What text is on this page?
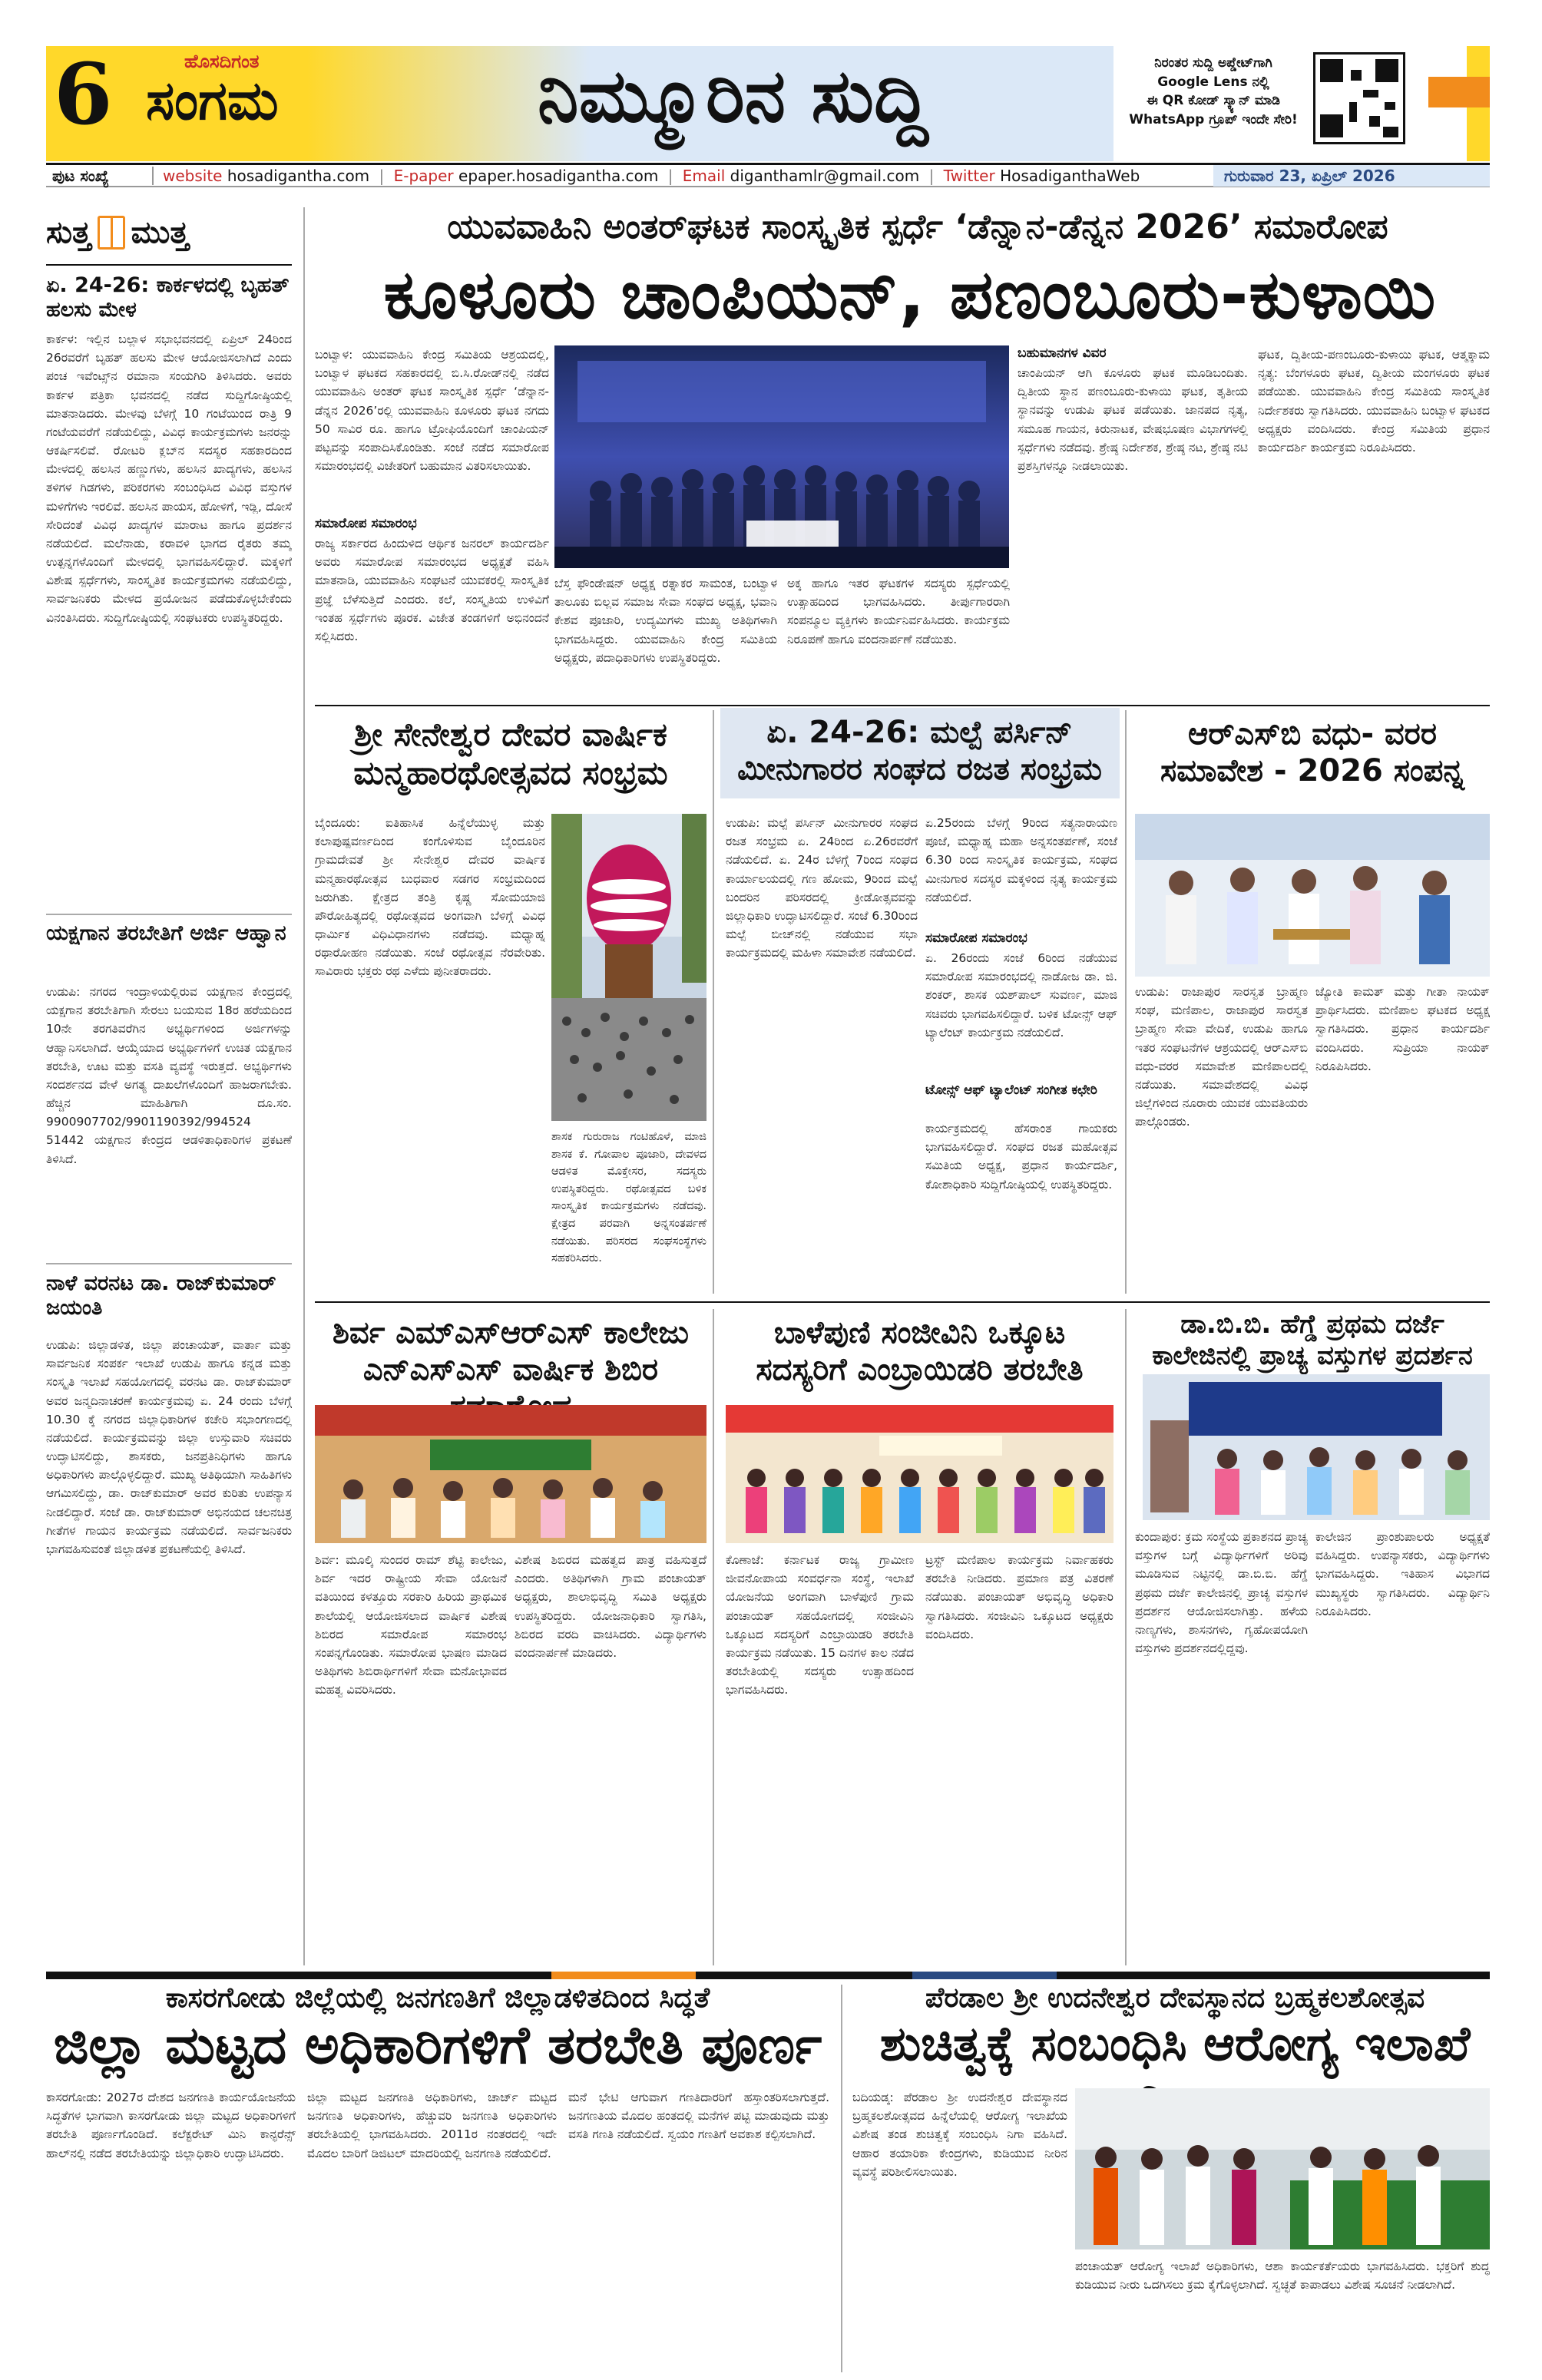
6	ಹೊಸದಿಗಂತ
ಸಂಗಮ	ನಿಮ್ಮೂರಿನ ಸುದ್ದಿ	ನಿರಂತರ ಸುದ್ದಿ ಅಪ್ಡೇಟ್‌ಗಾಗಿ
Google Lens ನಲ್ಲಿ
ಈ QR ಕೋಡ್ ಸ್ಕ್ಯಾನ್ ಮಾಡಿ
WhatsApp ಗ್ರೂಪ್ ಇಂದೇ ಸೇರಿ!
ಪುಟ ಸಂಖ್ಯೆ	website hosadigantha.com | E-paper epaper.hosadigantha.com | Email diganthamlr@gmail.com | Twitter HosadiganthaWeb	ಗುರುವಾರ 23, ಏಪ್ರಿಲ್ 2026
ಸುತ್ತ ಮುತ್ತ
ಏ. 24-26: ಕಾರ್ಕಳದಲ್ಲಿ ಬೃಹತ್ ಹಲಸು ಮೇಳ
ಕಾರ್ಕಳ: ಇಲ್ಲಿನ ಬಲ್ಲಾಳ ಸಭಾಭವನದಲ್ಲಿ ಏಪ್ರಿಲ್ 24ರಿಂದ 26ರವರೆಗೆ ಬೃಹತ್ ಹಲಸು ಮೇಳ ಆಯೋಜಿಸಲಾಗಿದೆ ಎಂದು ಪಂಚ ಇವೆಂಟ್ಸ್‌ನ ರಮಾನಾ ಸಂಯಗಿರಿ ತಿಳಿಸಿದರು. ಅವರು ಕಾರ್ಕಳ ಪತ್ರಿಕಾ ಭವನದಲ್ಲಿ ನಡೆದ ಸುದ್ದಿಗೋಷ್ಠಿಯಲ್ಲಿ ಮಾತನಾಡಿದರು. ಮೇಳವು ಬೆಳಗ್ಗೆ 10 ಗಂಟೆಯಿಂದ ರಾತ್ರಿ 9 ಗಂಟೆಯವರೆಗೆ ನಡೆಯಲಿದ್ದು, ವಿವಿಧ ಕಾರ್ಯಕ್ರಮಗಳು ಜನರನ್ನು ಆಕರ್ಷಿಸಲಿವೆ. ರೋಟರಿ ಕ್ಲಬ್‌ನ ಸದಸ್ಯರ ಸಹಕಾರದಿಂದ ಮೇಳದಲ್ಲಿ ಹಲಸಿನ ಹಣ್ಣುಗಳು, ಹಲಸಿನ ಖಾದ್ಯಗಳು, ಹಲಸಿನ ತಳಿಗಳ ಗಿಡಗಳು, ಪರಿಕರಗಳು ಸಂಬಂಧಿಸಿದ ವಿವಿಧ ವಸ್ತುಗಳ ಮಳಿಗೆಗಳು ಇರಲಿವೆ. ಹಲಸಿನ ಪಾಯಸ, ಹೋಳಿಗೆ, ಇಡ್ಲಿ, ದೋಸೆ ಸೇರಿದಂತೆ ವಿವಿಧ ಖಾದ್ಯಗಳ ಮಾರಾಟ ಹಾಗೂ ಪ್ರದರ್ಶನ ನಡೆಯಲಿದೆ. ಮಲೆನಾಡು, ಕರಾವಳಿ ಭಾಗದ ರೈತರು ತಮ್ಮ ಉತ್ಪನ್ನಗಳೊಂದಿಗೆ ಮೇಳದಲ್ಲಿ ಭಾಗವಹಿಸಲಿದ್ದಾರೆ. ಮಕ್ಕಳಿಗೆ ವಿಶೇಷ ಸ್ಪರ್ಧೆಗಳು, ಸಾಂಸ್ಕೃತಿಕ ಕಾರ್ಯಕ್ರಮಗಳು ನಡೆಯಲಿದ್ದು, ಸಾರ್ವಜನಿಕರು ಮೇಳದ ಪ್ರಯೋಜನ ಪಡೆದುಕೊಳ್ಳಬೇಕೆಂದು ವಿನಂತಿಸಿದರು. ಸುದ್ದಿಗೋಷ್ಠಿಯಲ್ಲಿ ಸಂಘಟಕರು ಉಪಸ್ಥಿತರಿದ್ದರು.
ಯಕ್ಷಗಾನ ತರಬೇತಿಗೆ ಅರ್ಜಿ ಆಹ್ವಾನ
ಉಡುಪಿ: ನಗರದ ಇಂದ್ರಾಳಿಯಲ್ಲಿರುವ ಯಕ್ಷಗಾನ ಕೇಂದ್ರದಲ್ಲಿ ಯಕ್ಷಗಾನ ತರಬೇತಿಗಾಗಿ ಸೇರಲು ಬಯಸುವ 18ರ ಹರೆಯದಿಂದ 10ನೇ ತರಗತಿವರೆಗಿನ ಅಭ್ಯರ್ಥಿಗಳಿಂದ ಅರ್ಜಿಗಳನ್ನು ಆಹ್ವಾನಿಸಲಾಗಿದೆ. ಆಯ್ಕೆಯಾದ ಅಭ್ಯರ್ಥಿಗಳಿಗೆ ಉಚಿತ ಯಕ್ಷಗಾನ ತರಬೇತಿ, ಊಟ ಮತ್ತು ವಸತಿ ವ್ಯವಸ್ಥೆ ಇರುತ್ತದೆ. ಅಭ್ಯರ್ಥಿಗಳು ಸಂದರ್ಶನದ ವೇಳೆ ಅಗತ್ಯ ದಾಖಲೆಗಳೊಂದಿಗೆ ಹಾಜರಾಗಬೇಕು. ಹೆಚ್ಚಿನ ಮಾಹಿತಿಗಾಗಿ ದೂ.ಸಂ. 9900907702/9901190392/994524 51442 ಯಕ್ಷಗಾನ ಕೇಂದ್ರದ ಆಡಳಿತಾಧಿಕಾರಿಗಳ ಪ್ರಕಟಣೆ ತಿಳಿಸಿದೆ.
ನಾಳೆ ವರನಟ ಡಾ. ರಾಜ್‌ಕುಮಾರ್ ಜಯಂತಿ
ಉಡುಪಿ: ಜಿಲ್ಲಾಡಳಿತ, ಜಿಲ್ಲಾ ಪಂಚಾಯತ್, ವಾರ್ತಾ ಮತ್ತು ಸಾರ್ವಜನಿಕ ಸಂಪರ್ಕ ಇಲಾಖೆ ಉಡುಪಿ ಹಾಗೂ ಕನ್ನಡ ಮತ್ತು ಸಂಸ್ಕೃತಿ ಇಲಾಖೆ ಸಹಯೋಗದಲ್ಲಿ ವರನಟ ಡಾ. ರಾಜ್‌ಕುಮಾರ್ ಅವರ ಜನ್ಮದಿನಾಚರಣೆ ಕಾರ್ಯಕ್ರಮವು ಏ. 24 ರಂದು ಬೆಳಗ್ಗೆ 10.30 ಕ್ಕೆ ನಗರದ ಜಿಲ್ಲಾಧಿಕಾರಿಗಳ ಕಚೇರಿ ಸಭಾಂಗಣದಲ್ಲಿ ನಡೆಯಲಿದೆ. ಕಾರ್ಯಕ್ರಮವನ್ನು ಜಿಲ್ಲಾ ಉಸ್ತುವಾರಿ ಸಚಿವರು ಉದ್ಘಾಟಿಸಲಿದ್ದು, ಶಾಸಕರು, ಜನಪ್ರತಿನಿಧಿಗಳು ಹಾಗೂ ಅಧಿಕಾರಿಗಳು ಪಾಲ್ಗೊಳ್ಳಲಿದ್ದಾರೆ. ಮುಖ್ಯ ಅತಿಥಿಯಾಗಿ ಸಾಹಿತಿಗಳು ಆಗಮಿಸಲಿದ್ದು, ಡಾ. ರಾಜ್‌ಕುಮಾರ್ ಅವರ ಕುರಿತು ಉಪನ್ಯಾಸ ನೀಡಲಿದ್ದಾರೆ. ಸಂಜೆ ಡಾ. ರಾಜ್‌ಕುಮಾರ್ ಅಭಿನಯದ ಚಲನಚಿತ್ರ ಗೀತೆಗಳ ಗಾಯನ ಕಾರ್ಯಕ್ರಮ ನಡೆಯಲಿದೆ. ಸಾರ್ವಜನಿಕರು ಭಾಗವಹಿಸುವಂತೆ ಜಿಲ್ಲಾಡಳಿತ ಪ್ರಕಟಣೆಯಲ್ಲಿ ತಿಳಿಸಿದೆ.
ಯುವವಾಹಿನಿ ಅಂತರ್‌ಘಟಕ ಸಾಂಸ್ಕೃತಿಕ ಸ್ಪರ್ಧೆ ‘ಡೆನ್ನಾನ-ಡೆನ್ನನ 2026’ ಸಮಾರೋಪ
ಕೂಳೂರು ಚಾಂಪಿಯನ್, ಪಣಂಬೂರು-ಕುಳಾಯಿ
ಬಂಟ್ವಾಳ: ಯುವವಾಹಿನಿ ಕೇಂದ್ರ ಸಮಿತಿಯ ಆಶ್ರಯದಲ್ಲಿ, ಬಂಟ್ವಾಳ ಘಟಕದ ಸಹಕಾರದಲ್ಲಿ ಬಿ.ಸಿ.ರೋಡ್‌ನಲ್ಲಿ ನಡೆದ ಯುವವಾಹಿನಿ ಅಂತರ್ ಘಟಕ ಸಾಂಸ್ಕೃತಿಕ ಸ್ಪರ್ಧೆ ‘ಡೆನ್ನಾನ-ಡೆನ್ನನ 2026’ರಲ್ಲಿ ಯುವವಾಹಿನಿ ಕೂಳೂರು ಘಟಕ ನಗದು 50 ಸಾವಿರ ರೂ. ಹಾಗೂ ಟ್ರೋಫಿಯೊಂದಿಗೆ ಚಾಂಪಿಯನ್ ಪಟ್ಟವನ್ನು ಸಂಪಾದಿಸಿಕೊಂಡಿತು. ಸಂಜೆ ನಡೆದ ಸಮಾರೋಪ ಸಮಾರಂಭದಲ್ಲಿ ವಿಜೇತರಿಗೆ ಬಹುಮಾನ ವಿತರಿಸಲಾಯಿತು.
ಸಮಾರೋಪ ಸಮಾರಂಭ
ರಾಜ್ಯ ಸರ್ಕಾರದ ಹಿಂದುಳಿದ ಆರ್ಥಿಕ ಜನರಲ್ ಕಾರ್ಯದರ್ಶಿ ಅವರು ಸಮಾರೋಪ ಸಮಾರಂಭದ ಅಧ್ಯಕ್ಷತೆ ವಹಿಸಿ ಮಾತನಾಡಿ, ಯುವವಾಹಿನಿ ಸಂಘಟನೆ ಯುವಕರಲ್ಲಿ ಸಾಂಸ್ಕೃತಿಕ ಪ್ರಜ್ಞೆ ಬೆಳೆಸುತ್ತಿದೆ ಎಂದರು. ಕಲೆ, ಸಂಸ್ಕೃತಿಯ ಉಳಿವಿಗೆ ಇಂತಹ ಸ್ಪರ್ಧೆಗಳು ಪೂರಕ. ವಿಜೇತ ತಂಡಗಳಿಗೆ ಅಭಿನಂದನೆ ಸಲ್ಲಿಸಿದರು.
ಬೆಸ್ತ ಫೌಂಡೇಷನ್ ಅಧ್ಯಕ್ಷ ರತ್ನಾಕರ ಸಾಮಂತ, ಬಂಟ್ವಾಳ ತಾಲೂಕು ಬಿಲ್ಲವ ಸಮಾಜ ಸೇವಾ ಸಂಘದ ಅಧ್ಯಕ್ಷ, ಭವಾನಿ ಕೇಶವ ಪೂಜಾರಿ, ಉದ್ಯಮಿಗಳು ಮುಖ್ಯ ಅತಿಥಿಗಳಾಗಿ ಭಾಗವಹಿಸಿದ್ದರು. ಯುವವಾಹಿನಿ ಕೇಂದ್ರ ಸಮಿತಿಯ ಅಧ್ಯಕ್ಷರು, ಪದಾಧಿಕಾರಿಗಳು ಉಪಸ್ಥಿತರಿದ್ದರು.
ಅಕ್ಕ ಹಾಗೂ ಇತರ ಘಟಕಗಳ ಸದಸ್ಯರು ಸ್ಪರ್ಧೆಯಲ್ಲಿ ಉತ್ಸಾಹದಿಂದ ಭಾಗವಹಿಸಿದರು. ತೀರ್ಪುಗಾರರಾಗಿ ಸಂಪನ್ಮೂಲ ವ್ಯಕ್ತಿಗಳು ಕಾರ್ಯನಿರ್ವಹಿಸಿದರು. ಕಾರ್ಯಕ್ರಮ ನಿರೂಪಣೆ ಹಾಗೂ ವಂದನಾರ್ಪಣೆ ನಡೆಯಿತು.
ಬಹುಮಾನಗಳ ವಿವರ
ಚಾಂಪಿಯನ್ ಆಗಿ ಕೂಳೂರು ಘಟಕ ಮೂಡಿಬಂದಿತು. ದ್ವಿತೀಯ ಸ್ಥಾನ ಪಣಂಬೂರು-ಕುಳಾಯಿ ಘಟಕ, ತೃತೀಯ ಸ್ಥಾನವನ್ನು ಉಡುಪಿ ಘಟಕ ಪಡೆಯಿತು. ಜಾನಪದ ನೃತ್ಯ, ಸಮೂಹ ಗಾಯನ, ಕಿರುನಾಟಕ, ವೇಷಭೂಷಣ ವಿಭಾಗಗಳಲ್ಲಿ ಸ್ಪರ್ಧೆಗಳು ನಡೆದವು. ಶ್ರೇಷ್ಠ ನಿರ್ದೇಶಕ, ಶ್ರೇಷ್ಠ ನಟ, ಶ್ರೇಷ್ಠ ನಟಿ ಪ್ರಶಸ್ತಿಗಳನ್ನೂ ನೀಡಲಾಯಿತು.
ಘಟಕ, ದ್ವಿತೀಯ-ಪಣಂಬೂರು-ಕುಳಾಯಿ ಘಟಕ, ಆತ್ಮಕ್ಕಾಮ ನೃತ್ಯ: ಬೆಂಗಳೂರು ಘಟಕ, ದ್ವಿತೀಯ ಮಂಗಳೂರು ಘಟಕ ಪಡೆಯಿತು. ಯುವವಾಹಿನಿ ಕೇಂದ್ರ ಸಮಿತಿಯ ಸಾಂಸ್ಕೃತಿಕ ನಿರ್ದೇಶಕರು ಸ್ವಾಗತಿಸಿದರು. ಯುವವಾಹಿನಿ ಬಂಟ್ವಾಳ ಘಟಕದ ಅಧ್ಯಕ್ಷರು ವಂದಿಸಿದರು. ಕೇಂದ್ರ ಸಮಿತಿಯ ಪ್ರಧಾನ ಕಾರ್ಯದರ್ಶಿ ಕಾರ್ಯಕ್ರಮ ನಿರೂಪಿಸಿದರು.
ಶ್ರೀ ಸೇನೇಶ್ವರ ದೇವರ ವಾರ್ಷಿಕ ಮನ್ಮಹಾರಥೋತ್ಸವದ ಸಂಭ್ರಮ
ಬೈಂದೂರು: ಐತಿಹಾಸಿಕ ಹಿನ್ನೆಲೆಯುಳ್ಳ ಮತ್ತು ಕಲಾಪುಷ್ಪವರ್ಣದಿಂದ ಕಂಗೊಳಿಸುವ ಬೈಂದೂರಿನ ಗ್ರಾಮದೇವತೆ ಶ್ರೀ ಸೇನೇಶ್ವರ ದೇವರ ವಾರ್ಷಿಕ ಮನ್ಮಹಾರಥೋತ್ಸವ ಬುಧವಾರ ಸಡಗರ ಸಂಭ್ರಮದಿಂದ ಜರುಗಿತು. ಕ್ಷೇತ್ರದ ತಂತ್ರಿ ಕೃಷ್ಣ ಸೋಮಯಾಜಿ ಪೌರೋಹಿತ್ಯದಲ್ಲಿ ರಥೋತ್ಸವದ ಅಂಗವಾಗಿ ಬೆಳಿಗ್ಗೆ ವಿವಿಧ ಧಾರ್ಮಿಕ ವಿಧಿವಿಧಾನಗಳು ನಡೆದವು. ಮಧ್ಯಾಹ್ನ ರಥಾರೋಹಣ ನಡೆಯಿತು. ಸಂಜೆ ರಥೋತ್ಸವ ನೆರವೇರಿತು. ಸಾವಿರಾರು ಭಕ್ತರು ರಥ ಎಳೆದು ಪುನೀತರಾದರು.
ಶಾಸಕ ಗುರುರಾಜ ಗಂಟಿಹೊಳೆ, ಮಾಜಿ ಶಾಸಕ ಕೆ. ಗೋಪಾಲ ಪೂಜಾರಿ, ದೇವಳದ ಆಡಳಿತ ಮೊಕ್ತೇಸರ, ಸದಸ್ಯರು ಉಪಸ್ಥಿತರಿದ್ದರು. ರಥೋತ್ಸವದ ಬಳಿಕ ಸಾಂಸ್ಕೃತಿಕ ಕಾರ್ಯಕ್ರಮಗಳು ನಡೆದವು. ಕ್ಷೇತ್ರದ ಪರವಾಗಿ ಅನ್ನಸಂತರ್ಪಣೆ ನಡೆಯಿತು. ಪರಿಸರದ ಸಂಘಸಂಸ್ಥೆಗಳು ಸಹಕರಿಸಿದರು.
ಏ. 24-26: ಮಲ್ಪೆ ಪರ್ಸಿನ್ ಮೀನುಗಾರರ ಸಂಘದ ರಜತ ಸಂಭ್ರಮ
ಉಡುಪಿ: ಮಲ್ಪೆ ಪರ್ಸಿನ್ ಮೀನುಗಾರರ ಸಂಘದ ರಜತ ಸಂಭ್ರಮ ಏ. 24ರಿಂದ ಏ.26ರವರೆಗೆ ನಡೆಯಲಿದೆ. ಏ. 24ರ ಬೆಳಗ್ಗೆ 7ರಿಂದ ಸಂಘದ ಕಾರ್ಯಾಲಯದಲ್ಲಿ ಗಣ ಹೋಮ, 9ರಿಂದ ಮಲ್ಪೆ ಬಂದರಿನ ಪರಿಸರದಲ್ಲಿ ಕ್ರೀಡೋತ್ಸವವನ್ನು ಜಿಲ್ಲಾಧಿಕಾರಿ ಉದ್ಘಾಟಿಸಲಿದ್ದಾರೆ. ಸಂಜೆ 6.30ರಿಂದ ಮಲ್ಪೆ ಬೀಚ್‌ನಲ್ಲಿ ನಡೆಯುವ ಸಭಾ ಕಾರ್ಯಕ್ರಮದಲ್ಲಿ ಮಹಿಳಾ ಸಮಾವೇಶ ನಡೆಯಲಿದೆ.
ಏ.25ರಂದು ಬೆಳಗ್ಗೆ 9ರಿಂದ ಸತ್ಯನಾರಾಯಣ ಪೂಜೆ, ಮಧ್ಯಾಹ್ನ ಮಹಾ ಅನ್ನಸಂತರ್ಪಣೆ, ಸಂಜೆ 6.30 ರಿಂದ ಸಾಂಸ್ಕೃತಿಕ ಕಾರ್ಯಕ್ರಮ, ಸಂಘದ ಮೀನುಗಾರ ಸದಸ್ಯರ ಮಕ್ಕಳಿಂದ ನೃತ್ಯ ಕಾರ್ಯಕ್ರಮ ನಡೆಯಲಿದೆ.
ಸಮಾರೋಪ ಸಮಾರಂಭ
ಏ. 26ರಂದು ಸಂಜೆ 6ರಿಂದ ನಡೆಯುವ ಸಮಾರೋಪ ಸಮಾರಂಭದಲ್ಲಿ ನಾಡೋಜ ಡಾ. ಜಿ. ಶಂಕರ್, ಶಾಸಕ ಯಶ್‌ಪಾಲ್ ಸುವರ್ಣ, ಮಾಜಿ ಸಚಿವರು ಭಾಗವಹಿಸಲಿದ್ದಾರೆ. ಬಳಿಕ ಟೋನ್ಸ್ ಆಫ್ ಟ್ಯಾಲೆಂಟ್ ಕಾರ್ಯಕ್ರಮ ನಡೆಯಲಿದೆ.
ಟೋನ್ಸ್ ಆಫ್ ಟ್ಯಾಲೆಂಟ್ ಸಂಗೀತ ಕಛೇರಿ
ಕಾರ್ಯಕ್ರಮದಲ್ಲಿ ಹೆಸರಾಂತ ಗಾಯಕರು ಭಾಗವಹಿಸಲಿದ್ದಾರೆ. ಸಂಘದ ರಜತ ಮಹೋತ್ಸವ ಸಮಿತಿಯ ಅಧ್ಯಕ್ಷ, ಪ್ರಧಾನ ಕಾರ್ಯದರ್ಶಿ, ಕೋಶಾಧಿಕಾರಿ ಸುದ್ದಿಗೋಷ್ಠಿಯಲ್ಲಿ ಉಪಸ್ಥಿತರಿದ್ದರು.
ಆರ್‌ಎಸ್‌ಬಿ ವಧು- ವರರ ಸಮಾವೇಶ - 2026 ಸಂಪನ್ನ
ಉಡುಪಿ: ರಾಜಾಪುರ ಸಾರಸ್ವತ ಬ್ರಾಹ್ಮಣ ಸಂಘ, ಮಣಿಪಾಲ, ರಾಜಾಪುರ ಸಾರಸ್ವತ ಬ್ರಾಹ್ಮಣ ಸೇವಾ ವೇದಿಕೆ, ಉಡುಪಿ ಹಾಗೂ ಇತರ ಸಂಘಟನೆಗಳ ಆಶ್ರಯದಲ್ಲಿ ಆರ್‌ಎಸ್‌ಬಿ ವಧು-ವರರ ಸಮಾವೇಶ ಮಣಿಪಾಲದಲ್ಲಿ ನಡೆಯಿತು. ಸಮಾವೇಶದಲ್ಲಿ ವಿವಿಧ ಜಿಲ್ಲೆಗಳಿಂದ ನೂರಾರು ಯುವಕ ಯುವತಿಯರು ಪಾಲ್ಗೊಂಡರು.
ಜ್ಯೋತಿ ಕಾಮತ್ ಮತ್ತು ಗೀತಾ ನಾಯಕ್ ಪ್ರಾರ್ಥಿಸಿದರು. ಮಣಿಪಾಲ ಘಟಕದ ಅಧ್ಯಕ್ಷ ಸ್ವಾಗತಿಸಿದರು. ಪ್ರಧಾನ ಕಾರ್ಯದರ್ಶಿ ವಂದಿಸಿದರು. ಸುಪ್ರಿಯಾ ನಾಯಕ್ ನಿರೂಪಿಸಿದರು.
ಶಿರ್ವ ಎಮ್‌ಎಸ್‌ಆರ್‌ಎಸ್ ಕಾಲೇಜು ಎನ್ಎಸ್ಎಸ್ ವಾರ್ಷಿಕ ಶಿಬಿರ
ಶಿರ್ವ: ಮೂಲ್ಕಿ ಸುಂದರ ರಾಮ್ ಶೆಟ್ಟಿ ಕಾಲೇಜು, ಶಿರ್ವ ಇದರ ರಾಷ್ಟ್ರೀಯ ಸೇವಾ ಯೋಜನೆ ವತಿಯಿಂದ ಕಳತ್ತೂರು ಸರಕಾರಿ ಹಿರಿಯ ಪ್ರಾಥಮಿಕ ಶಾಲೆಯಲ್ಲಿ ಆಯೋಜಿಸಲಾದ ವಾರ್ಷಿಕ ವಿಶೇಷ ಶಿಬಿರದ ಸಮಾರೋಪ ಸಮಾರಂಭ ಸಂಪನ್ನಗೊಂಡಿತು. ಸಮಾರೋಪ ಭಾಷಣ ಮಾಡಿದ ಅತಿಥಿಗಳು ಶಿಬಿರಾರ್ಥಿಗಳಿಗೆ ಸೇವಾ ಮನೋಭಾವದ ಮಹತ್ವ ವಿವರಿಸಿದರು.
ವಿಶೇಷ ಶಿಬಿರದ ಮಹತ್ವದ ಪಾತ್ರ ವಹಿಸುತ್ತದೆ ಎಂದರು. ಅತಿಥಿಗಳಾಗಿ ಗ್ರಾಮ ಪಂಚಾಯತ್ ಅಧ್ಯಕ್ಷರು, ಶಾಲಾಭಿವೃದ್ಧಿ ಸಮಿತಿ ಅಧ್ಯಕ್ಷರು ಉಪಸ್ಥಿತರಿದ್ದರು. ಯೋಜನಾಧಿಕಾರಿ ಸ್ವಾಗತಿಸಿ, ಶಿಬಿರದ ವರದಿ ವಾಚಿಸಿದರು. ವಿದ್ಯಾರ್ಥಿಗಳು ವಂದನಾರ್ಪಣೆ ಮಾಡಿದರು.
ಬಾಳೆಪುಣಿ ಸಂಜೀವಿನಿ ಒಕ್ಕೂಟ ಸದಸ್ಯರಿಗೆ ಎಂಬ್ರಾಯಿಡರಿ ತರಬೇತಿ
ಕೊಣಾಜೆ: ಕರ್ನಾಟಕ ರಾಜ್ಯ ಗ್ರಾಮೀಣ ಜೀವನೋಪಾಯ ಸಂವರ್ಧನಾ ಸಂಸ್ಥೆ, ಇಲಾಖೆ ಯೋಜನೆಯ ಅಂಗವಾಗಿ ಬಾಳೆಪುಣಿ ಗ್ರಾಮ ಪಂಚಾಯತ್ ಸಹಯೋಗದಲ್ಲಿ ಸಂಜೀವಿನಿ ಒಕ್ಕೂಟದ ಸದಸ್ಯರಿಗೆ ಎಂಬ್ರಾಯಿಡರಿ ತರಬೇತಿ ಕಾರ್ಯಕ್ರಮ ನಡೆಯಿತು. 15 ದಿನಗಳ ಕಾಲ ನಡೆದ ತರಬೇತಿಯಲ್ಲಿ ಸದಸ್ಯರು ಉತ್ಸಾಹದಿಂದ ಭಾಗವಹಿಸಿದರು.
ಟ್ರಸ್ಟ್ ಮಣಿಪಾಲ ಕಾರ್ಯಕ್ರಮ ನಿರ್ವಾಹಕರು ತರಬೇತಿ ನೀಡಿದರು. ಪ್ರಮಾಣ ಪತ್ರ ವಿತರಣೆ ನಡೆಯಿತು. ಪಂಚಾಯತ್ ಅಭಿವೃದ್ಧಿ ಅಧಿಕಾರಿ ಸ್ವಾಗತಿಸಿದರು. ಸಂಜೀವಿನಿ ಒಕ್ಕೂಟದ ಅಧ್ಯಕ್ಷರು ವಂದಿಸಿದರು.
ಡಾ.ಬಿ.ಬಿ. ಹೆಗ್ಡೆ ಪ್ರಥಮ ದರ್ಜೆ ಕಾಲೇಜಿನಲ್ಲಿ ಪ್ರಾಚ್ಯ ವಸ್ತುಗಳ ಪ್ರದರ್ಶನ
ಕುಂದಾಪುರ: ಕ್ರಮ ಸಂಸ್ಥೆಯ ಪ್ರಕಾಶನದ ಪ್ರಾಚ್ಯ ವಸ್ತುಗಳ ಬಗ್ಗೆ ವಿದ್ಯಾರ್ಥಿಗಳಿಗೆ ಅರಿವು ಮೂಡಿಸುವ ನಿಟ್ಟಿನಲ್ಲಿ ಡಾ.ಬಿ.ಬಿ. ಹೆಗ್ಡೆ ಪ್ರಥಮ ದರ್ಜೆ ಕಾಲೇಜಿನಲ್ಲಿ ಪ್ರಾಚ್ಯ ವಸ್ತುಗಳ ಪ್ರದರ್ಶನ ಆಯೋಜಿಸಲಾಗಿತ್ತು. ಹಳೆಯ ನಾಣ್ಯಗಳು, ಶಾಸನಗಳು, ಗೃಹೋಪಯೋಗಿ ವಸ್ತುಗಳು ಪ್ರದರ್ಶನದಲ್ಲಿದ್ದವು.
ಕಾಲೇಜಿನ ಪ್ರಾಂಶುಪಾಲರು ಅಧ್ಯಕ್ಷತೆ ವಹಿಸಿದ್ದರು. ಉಪನ್ಯಾಸಕರು, ವಿದ್ಯಾರ್ಥಿಗಳು ಭಾಗವಹಿಸಿದ್ದರು. ಇತಿಹಾಸ ವಿಭಾಗದ ಮುಖ್ಯಸ್ಥರು ಸ್ವಾಗತಿಸಿದರು. ವಿದ್ಯಾರ್ಥಿನಿ ನಿರೂಪಿಸಿದರು.
ಕಾಸರಗೋಡು ಜಿಲ್ಲೆಯಲ್ಲಿ ಜನಗಣತಿಗೆ ಜಿಲ್ಲಾಡಳಿತದಿಂದ ಸಿದ್ಧತೆ
ಜಿಲ್ಲಾ ಮಟ್ಟದ ಅಧಿಕಾರಿಗಳಿಗೆ ತರಬೇತಿ ಪೂರ್ಣ
ಕಾಸರಗೋಡು: 2027ರ ದೇಶದ ಜನಗಣತಿ ಕಾರ್ಯಯೋಜನೆಯ ಸಿದ್ಧತೆಗಳ ಭಾಗವಾಗಿ ಕಾಸರಗೋಡು ಜಿಲ್ಲಾ ಮಟ್ಟದ ಅಧಿಕಾರಿಗಳಿಗೆ ತರಬೇತಿ ಪೂರ್ಣಗೊಂಡಿದೆ. ಕಲೆಕ್ಟರೇಟ್ ಮಿನಿ ಕಾನ್ಫರೆನ್ಸ್ ಹಾಲ್‌ನಲ್ಲಿ ನಡೆದ ತರಬೇತಿಯನ್ನು ಜಿಲ್ಲಾಧಿಕಾರಿ ಉದ್ಘಾಟಿಸಿದರು.
ಜಿಲ್ಲಾ ಮಟ್ಟದ ಜನಗಣತಿ ಅಧಿಕಾರಿಗಳು, ಚಾರ್ಜ್ ಮಟ್ಟದ ಜನಗಣತಿ ಅಧಿಕಾರಿಗಳು, ಹೆಚ್ಚುವರಿ ಜನಗಣತಿ ಅಧಿಕಾರಿಗಳು ತರಬೇತಿಯಲ್ಲಿ ಭಾಗವಹಿಸಿದರು. 2011ರ ನಂತರದಲ್ಲಿ ಇದೇ ಮೊದಲ ಬಾರಿಗೆ ಡಿಜಿಟಲ್ ಮಾದರಿಯಲ್ಲಿ ಜನಗಣತಿ ನಡೆಯಲಿದೆ.
ಮನೆ ಭೇಟಿ ಆಗುವಾಗ ಗಣತಿದಾರರಿಗೆ ಹಸ್ತಾಂತರಿಸಲಾಗುತ್ತದೆ. ಜನಗಣತಿಯ ಮೊದಲ ಹಂತದಲ್ಲಿ ಮನೆಗಳ ಪಟ್ಟಿ ಮಾಡುವುದು ಮತ್ತು ವಸತಿ ಗಣತಿ ನಡೆಯಲಿದೆ. ಸ್ವಯಂ ಗಣತಿಗೆ ಅವಕಾಶ ಕಲ್ಪಿಸಲಾಗಿದೆ.
ಪೆರಡಾಲ ಶ್ರೀ ಉದನೇಶ್ವರ ದೇವಸ್ಥಾನದ ಬ್ರಹ್ಮಕಲಶೋತ್ಸವ
ಶುಚಿತ್ವಕ್ಕೆ ಸಂಬಂಧಿಸಿ ಆರೋಗ್ಯ ಇಲಾಖೆ
ಬದಿಯಡ್ಕ: ಪೆರಡಾಲ ಶ್ರೀ ಉದನೇಶ್ವರ ದೇವಸ್ಥಾನದ ಬ್ರಹ್ಮಕಲಶೋತ್ಸವದ ಹಿನ್ನೆಲೆಯಲ್ಲಿ ಆರೋಗ್ಯ ಇಲಾಖೆಯ ವಿಶೇಷ ತಂಡ ಶುಚಿತ್ವಕ್ಕೆ ಸಂಬಂಧಿಸಿ ನಿಗಾ ವಹಿಸಿದೆ. ಆಹಾರ ತಯಾರಿಕಾ ಕೇಂದ್ರಗಳು, ಕುಡಿಯುವ ನೀರಿನ ವ್ಯವಸ್ಥೆ ಪರಿಶೀಲಿಸಲಾಯಿತು.
ಪಂಚಾಯತ್ ಆರೋಗ್ಯ ಇಲಾಖೆ ಅಧಿಕಾರಿಗಳು, ಆಶಾ ಕಾರ್ಯಕರ್ತೆಯರು ಭಾಗವಹಿಸಿದರು. ಭಕ್ತರಿಗೆ ಶುದ್ಧ ಕುಡಿಯುವ ನೀರು ಒದಗಿಸಲು ಕ್ರಮ ಕೈಗೊಳ್ಳಲಾಗಿದೆ. ಸ್ವಚ್ಛತೆ ಕಾಪಾಡಲು ವಿಶೇಷ ಸೂಚನೆ ನೀಡಲಾಗಿದೆ.
